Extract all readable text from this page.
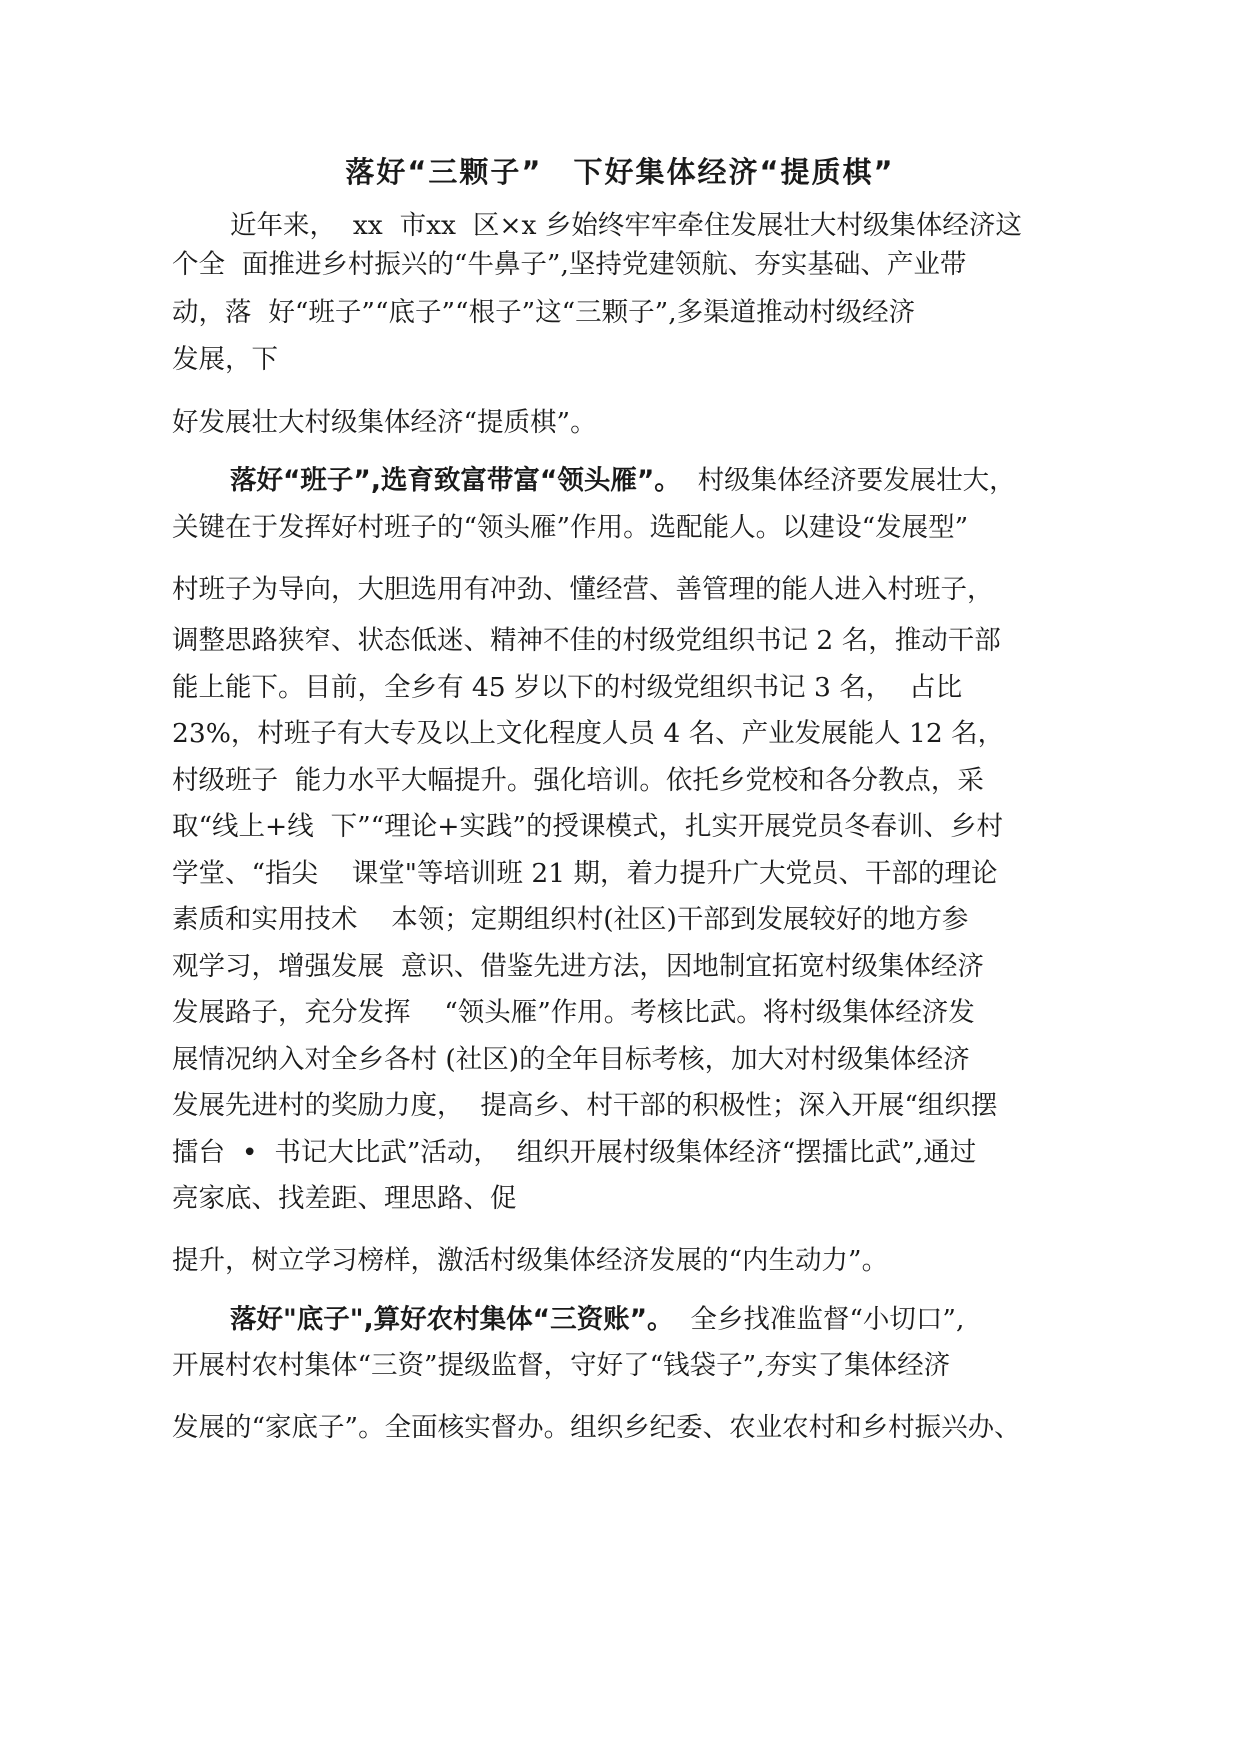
落好“三颗子”　下好集体经济“提质棋”

近年来，  xx  市xx  区×x 乡始终牢牢牵住发展壮大村级集体经济这

个全  面推进乡村振兴的“牛鼻子”,坚持党建领航、夯实基础、产业带

动，落  好“班子”“底子”“根子”这“三颗子”,多渠道推动村级经济

发展，下

好发展壮大村级集体经济“提质棋”。

落好“班子”,选育致富带富“领头雁”。  村级集体经济要发展壮大，

关键在于发挥好村班子的“领头雁”作用。选配能人。以建设“发展型”

村班子为导向，大胆选用有冲劲、懂经营、善管理的能人进入村班子，

调整思路狭窄、状态低迷、精神不佳的村级党组织书记 2 名，推动干部

能上能下。目前，全乡有 45 岁以下的村级党组织书记 3 名，  占比

23%，村班子有大专及以上文化程度人员 4 名、产业发展能人 12 名，

村级班子  能力水平大幅提升。强化培训。依托乡党校和各分教点，采

取“线上+线  下”“理论+实践”的授课模式，扎实开展党员冬春训、乡村

学堂、“指尖    课堂"等培训班 21 期，着力提升广大党员、干部的理论

素质和实用技术    本领；定期组织村(社区)干部到发展较好的地方参

观学习，增强发展  意识、借鉴先进方法，因地制宜拓宽村级集体经济

发展路子，充分发挥    “领头雁”作用。考核比武。将村级集体经济发

展情况纳入对全乡各村 (社区)的全年目标考核，加大对村级集体经济

发展先进村的奖励力度，  提高乡、村干部的积极性；深入开展“组织摆

擂台  •  书记大比武”活动，  组织开展村级集体经济“摆擂比武”,通过

亮家底、找差距、理思路、促

提升，树立学习榜样，激活村级集体经济发展的“内生动力”。

落好"底子",算好农村集体“三资账”。  全乡找准监督“小切口”,

开展村农村集体“三资”提级监督，守好了“钱袋子”,夯实了集体经济

发展的“家底子”。全面核实督办。组织乡纪委、农业农村和乡村振兴办、
